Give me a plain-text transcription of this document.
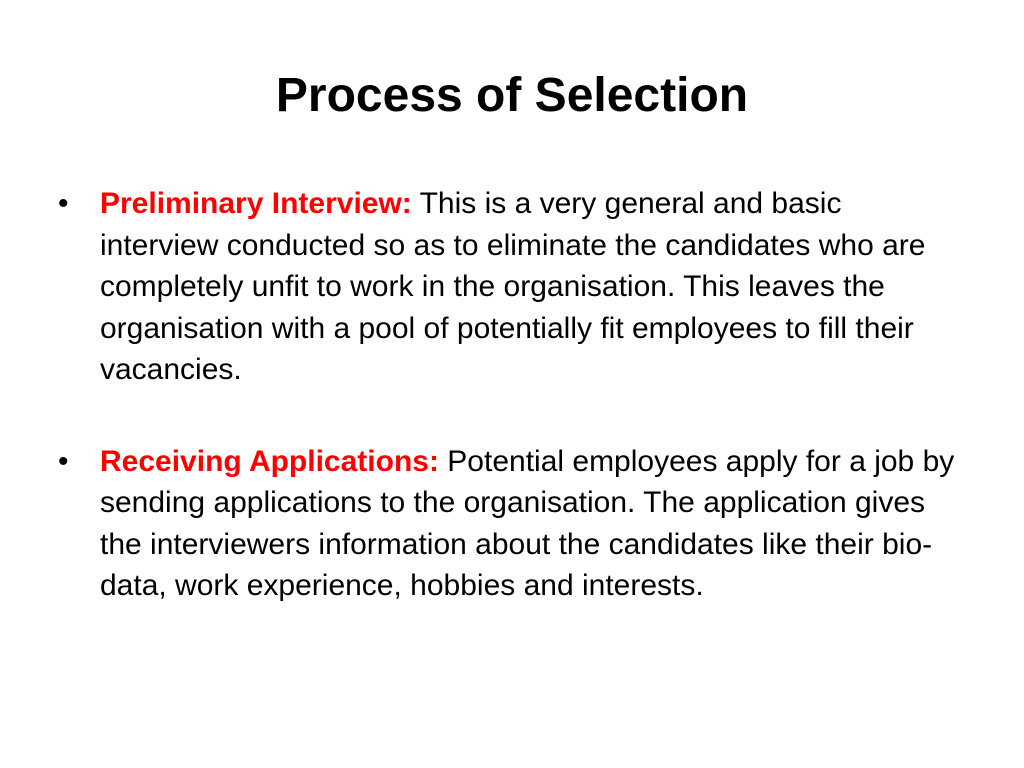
Process of Selection
• Preliminary Interview: This is a very general and basic interview conducted so as to eliminate the candidates who are completely unfit to work in the organisation. This leaves the organisation with a pool of potentially fit employees to fill their vacancies.
• Receiving Applications: Potential employees apply for a job by sending applications to the organisation. The application gives the interviewers information about the candidates like their bio-data, work experience, hobbies and interests.
